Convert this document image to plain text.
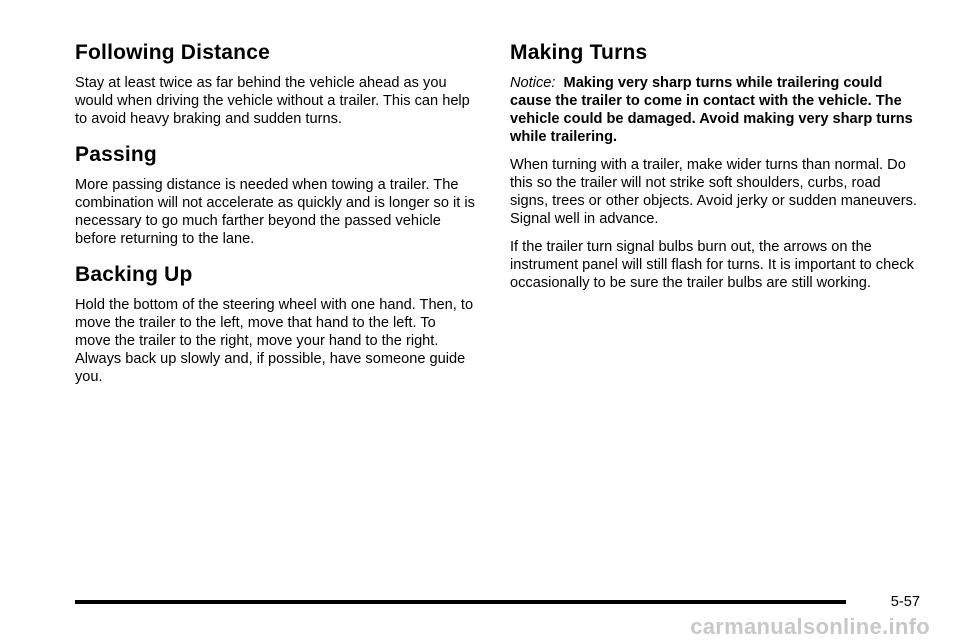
Following Distance

Stay at least twice as far behind the vehicle ahead as you would when driving the vehicle without a trailer. This can help to avoid heavy braking and sudden turns.

Passing

More passing distance is needed when towing a trailer. The combination will not accelerate as quickly and is longer so it is necessary to go much farther beyond the passed vehicle before returning to the lane.

Backing Up

Hold the bottom of the steering wheel with one hand. Then, to move the trailer to the left, move that hand to the left. To move the trailer to the right, move your hand to the right. Always back up slowly and, if possible, have someone guide you.

Making Turns

Notice: Making very sharp turns while trailering could cause the trailer to come in contact with the vehicle. The vehicle could be damaged. Avoid making very sharp turns while trailering.

When turning with a trailer, make wider turns than normal. Do this so the trailer will not strike soft shoulders, curbs, road signs, trees or other objects. Avoid jerky or sudden maneuvers. Signal well in advance.

If the trailer turn signal bulbs burn out, the arrows on the instrument panel will still flash for turns. It is important to check occasionally to be sure the trailer bulbs are still working.

5-57
carmanualsonline.info
